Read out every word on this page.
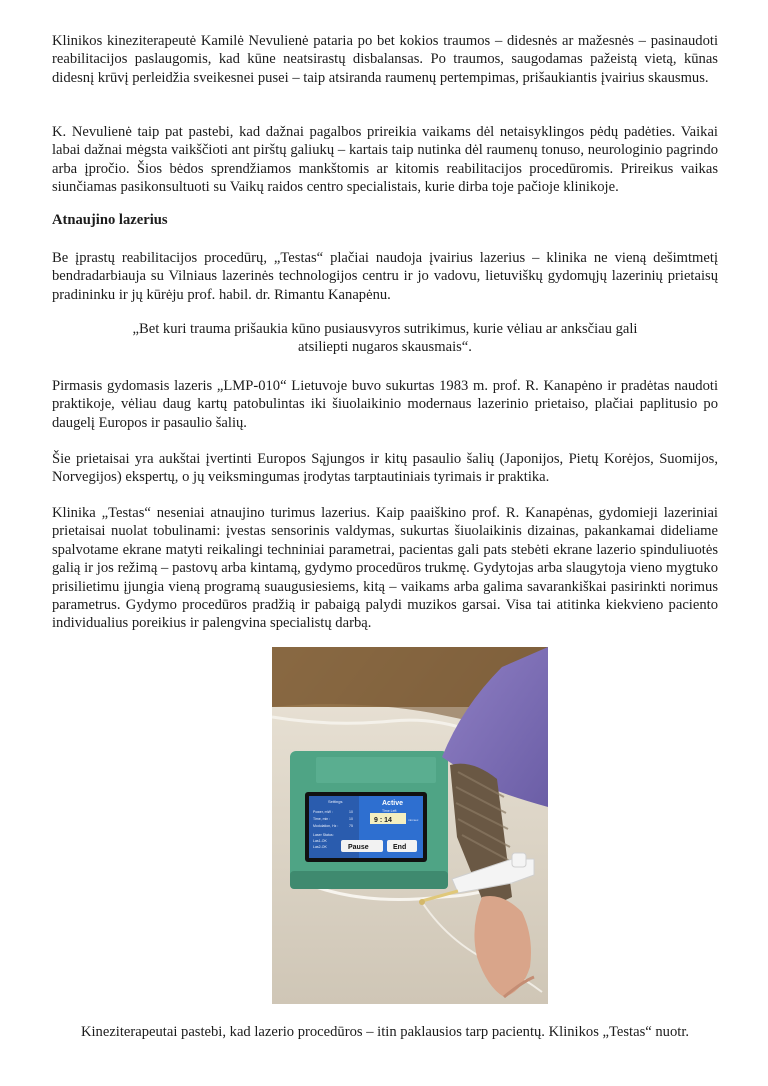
Klinikos kineziterapeutė Kamilė Nevulienė pataria po bet kokios traumos – didesnės ar mažesnės – pasinaudoti reabilitacijos paslaugomis, kad kūne neatsirastų disbalansas. Po traumos, saugodamas pažeistą vietą, kūnas didesnį krūvį perleidžia sveikesnei pusei – taip atsiranda raumenų pertempimas, prišaukiantis įvairius skausmus.

K. Nevulienė taip pat pastebi, kad dažnai pagalbos prireikia vaikams dėl netaisyklingos pėdų padėties. Vaikai labai dažnai mėgsta vaikščioti ant pirštų galiukų – kartais taip nutinka dėl raumenų tonuso, neurologinio pagrindo arba įpročio. Šios bėdos sprendžiamos mankštomis ar kitomis reabilitacijos procedūromis. Prireikus vaikas siunčiamas pasikonsultuoti su Vaikų raidos centro specialistais, kurie dirba toje pačioje klinikoje.

Atnaujino lazerius

Be įprastų reabilitacijos procedūrų, „Testas“ plačiai naudoja įvairius lazerius – klinika ne vieną dešimtmetį bendradarbiauja su Vilniaus lazerinės technologijos centru ir jo vadovu, lietuviškų gydomųjų lazerinių prietaisų pradininku ir jų kūrėju prof. habil. dr. Rimantu Kanapėnu.

„Bet kuri trauma prišaukia kūno pusiausvyros sutrikimus, kurie vėliau ar anksčiau gali atsiliepti nugaros skausmais“.

Pirmasis gydomasis lazeris „LMP-010“ Lietuvoje buvo sukurtas 1983 m. prof. R. Kanapėno ir pradėtas naudoti praktikoje, vėliau daug kartų patobulintas iki šiuolaikinio modernaus lazerinio prietaiso, plačiai paplitusio po daugelį Europos ir pasaulio šalių.

Šie prietaisai yra aukštai įvertinti Europos Sąjungos ir kitų pasaulio šalių (Japonijos, Pietų Korėjos, Suomijos, Norvegijos) ekspertų, o jų veiksmingumas įrodytas tarptautiniais tyrimais ir praktika.

Klinika „Testas“ neseniai atnaujino turimus lazerius. Kaip paaiškino prof. R. Kanapėnas, gydomieji lazeriniai prietaisai nuolat tobulinami: įvestas sensorinis valdymas, sukurtas šiuolaikinis dizainas, pakankamai dideliame spalvotame ekrane matyti reikalingi techniniai parametrai, pacientas gali pats stebėti ekrane lazerio spinduliuotės galią ir jos režimą – pastovų arba kintamą, gydymo procedūros trukmę. Gydytojas arba slaugytoja vieno mygtuko prisilietimu įjungia vieną programą suaugusiesiems, kitą – vaikams arba galima savarankiškai pasirinkti norimus parametrus. Gydymo procedūros pradžią ir pabaigą palydi muzikos garsai. Visa tai atitinka kiekvieno paciento individualius poreikius ir palengvina specialistų darbą.

Settings	Active
Power, mW :	10
Time, min :	10
Modulation, Hz :	75
Time Left
9 : 14	min:sec
Laser Status:
Las1-OK
Las2-OK	Pause	End

Kineziterapeutai pastebi, kad lazerio procedūros – itin paklausios tarp pacientų. Klinikos „Testas“ nuotr.
